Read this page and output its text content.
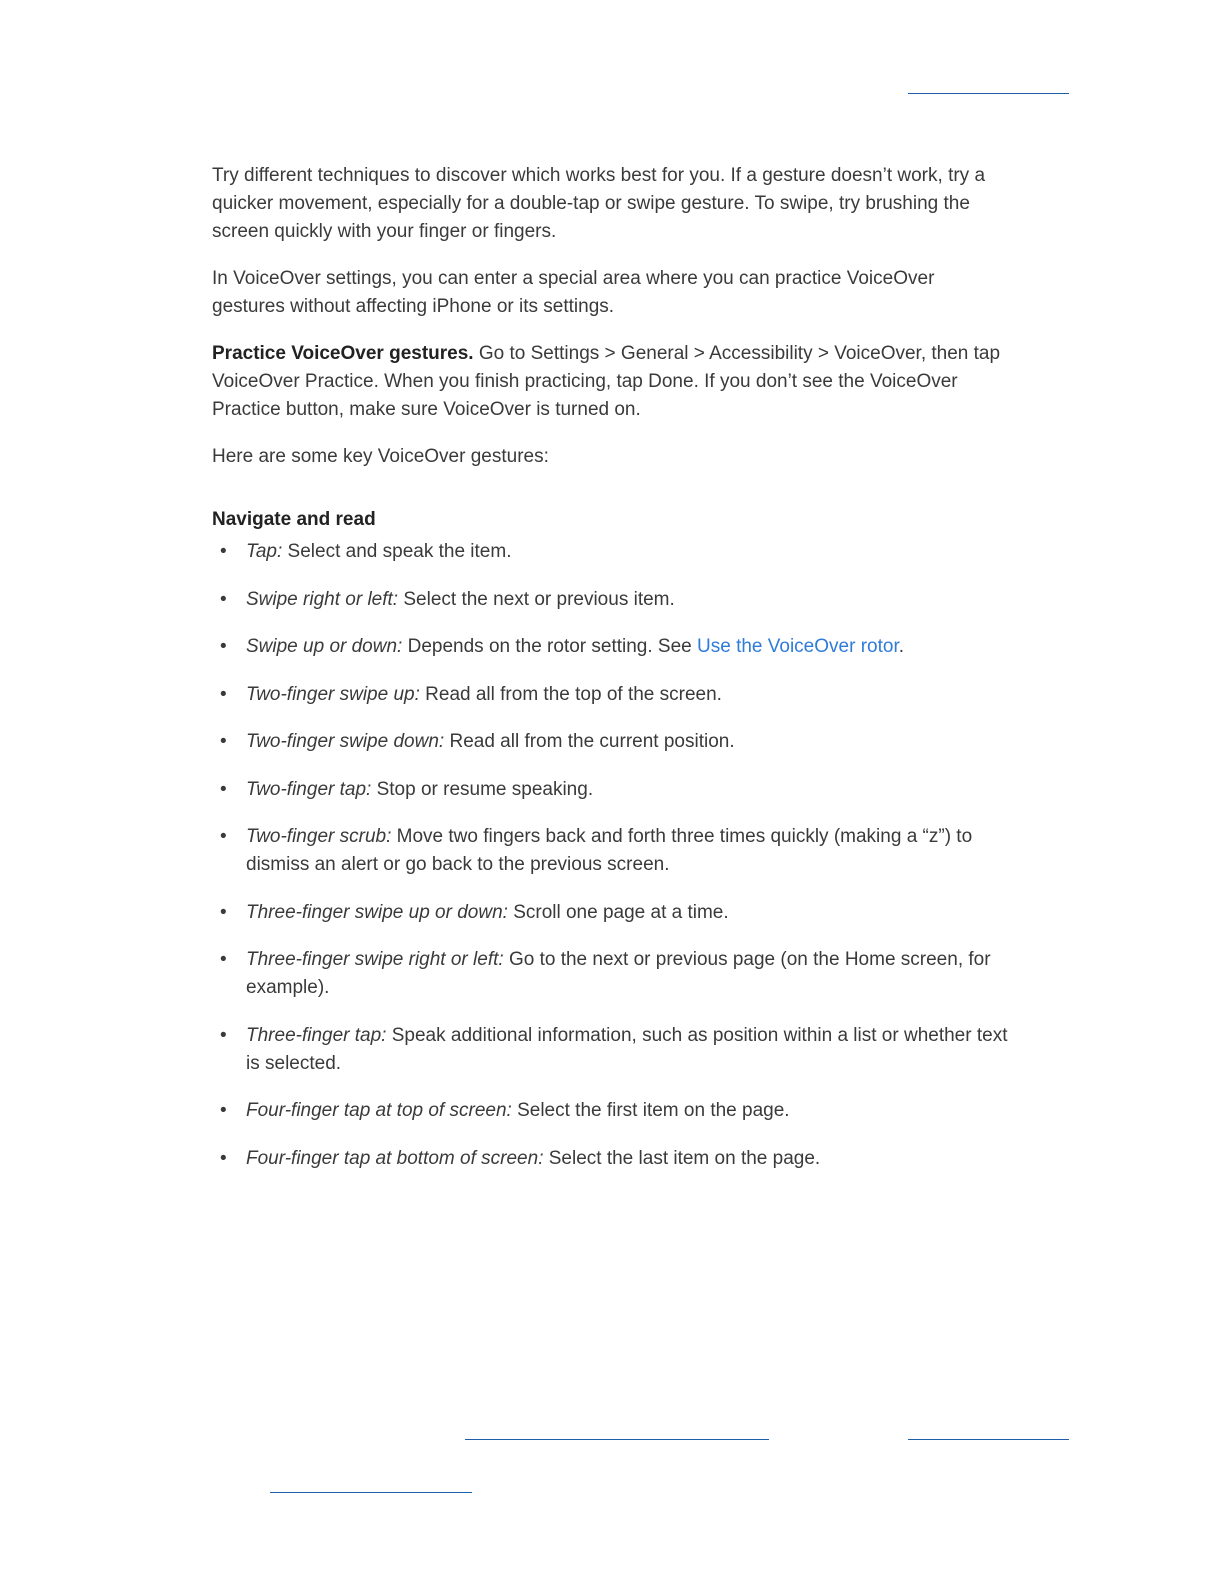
Try different techniques to discover which works best for you. If a gesture doesn’t work, try a quicker movement, especially for a double-tap or swipe gesture. To swipe, try brushing the screen quickly with your finger or fingers.

In VoiceOver settings, you can enter a special area where you can practice VoiceOver gestures without affecting iPhone or its settings.

Practice VoiceOver gestures. Go to Settings > General > Accessibility > VoiceOver, then tap VoiceOver Practice. When you finish practicing, tap Done. If you don’t see the VoiceOver Practice button, make sure VoiceOver is turned on.

Here are some key VoiceOver gestures:

Navigate and read
• Tap: Select and speak the item.
• Swipe right or left: Select the next or previous item.
• Swipe up or down: Depends on the rotor setting. See Use the VoiceOver rotor.
• Two-finger swipe up: Read all from the top of the screen.
• Two-finger swipe down: Read all from the current position.
• Two-finger tap: Stop or resume speaking.
• Two-finger scrub: Move two fingers back and forth three times quickly (making a “z”) to dismiss an alert or go back to the previous screen.
• Three-finger swipe up or down: Scroll one page at a time.
• Three-finger swipe right or left: Go to the next or previous page (on the Home screen, for example).
• Three-finger tap: Speak additional information, such as position within a list or whether text is selected.
• Four-finger tap at top of screen: Select the first item on the page.
• Four-finger tap at bottom of screen: Select the last item on the page.
